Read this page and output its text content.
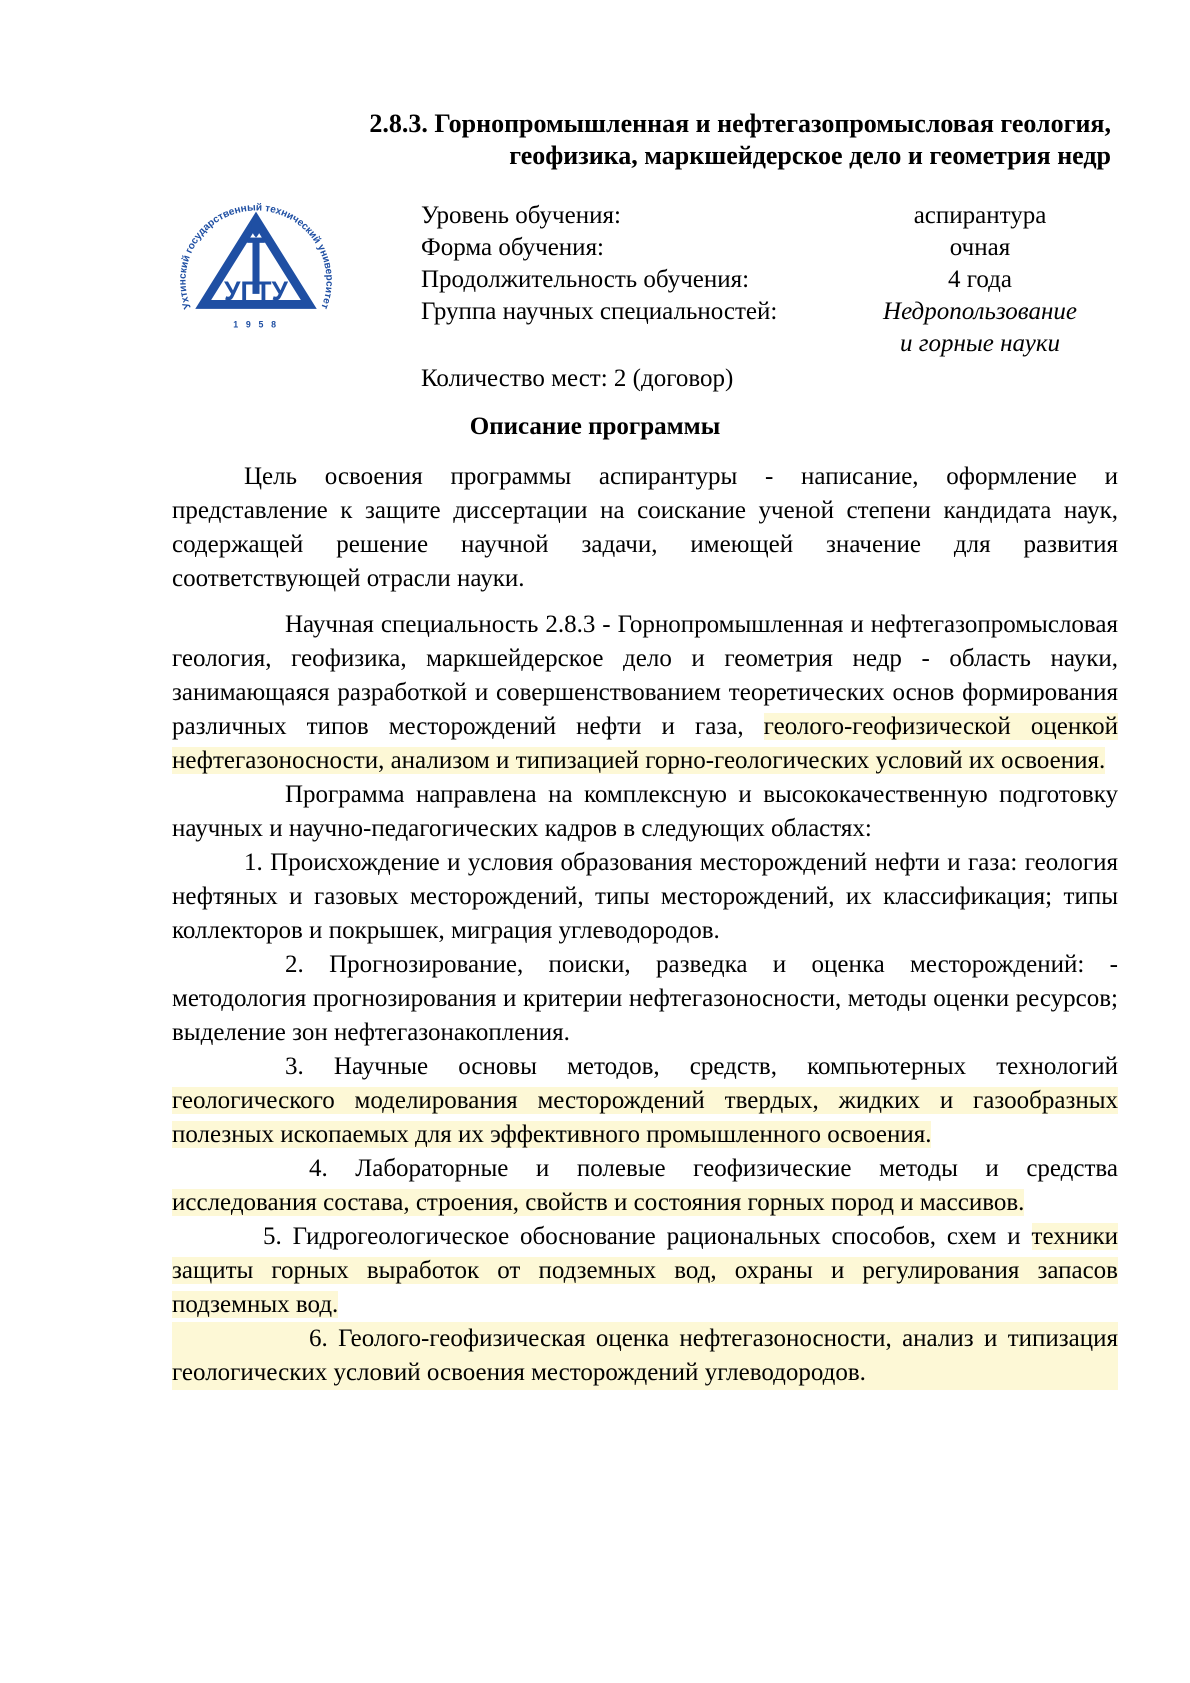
2.8.3. Горнопромышленная и нефтегазопромысловая геология,
геофизика, маркшейдерское дело и геометрия недр
Ухтинский государственный технический университет
УГТУ
1 9 5 8
Уровень обучения:	аспирантура
Форма обучения:	очная
Продолжительность обучения:	4 года
Группа научных специальностей:	Недропользование
и горные науки
Количество мест: 2 (договор)
Описание программы

Цель освоения программы аспирантуры - написание, оформление и представление к защите диссертации на соискание ученой степени кандидата наук, содержащей решение научной задачи, имеющей значение для развития соответствующей отрасли науки.

Научная специальность 2.8.3 - Горнопромышленная и нефтегазопромысловая геология, геофизика, маркшейдерское дело и геометрия недр - область науки, занимающаяся разработкой и совершенствованием теоретических основ формирования различных типов месторождений нефти и газа, геолого-геофизической оценкой нефтегазоносности, анализом и типизацией горно-геологических условий их освоения.

Программа направлена на комплексную и высококачественную подготовку научных и научно-педагогических кадров в следующих областях:

1. Происхождение и условия образования месторождений нефти и газа: геология нефтяных и газовых месторождений, типы месторождений, их классификация; типы коллекторов и покрышек, миграция углеводородов.

2. Прогнозирование, поиски, разведка и оценка месторождений: - методология прогнозирования и критерии нефтегазоносности, методы оценки ресурсов; выделение зон нефтегазонакопления.

3. Научные основы методов, средств, компьютерных технологий геологического моделирования месторождений твердых, жидких и газообразных полезных ископаемых для их эффективного промышленного освоения.

4. Лабораторные и полевые геофизические методы и средства исследования состава, строения, свойств и состояния горных пород и массивов.

5. Гидрогеологическое обоснование рациональных способов, схем и техники защиты горных выработок от подземных вод, охраны и регулирования запасов подземных вод.

6. Геолого-геофизическая оценка нефтегазоносности, анализ и типизация геологических условий освоения месторождений углеводородов.
